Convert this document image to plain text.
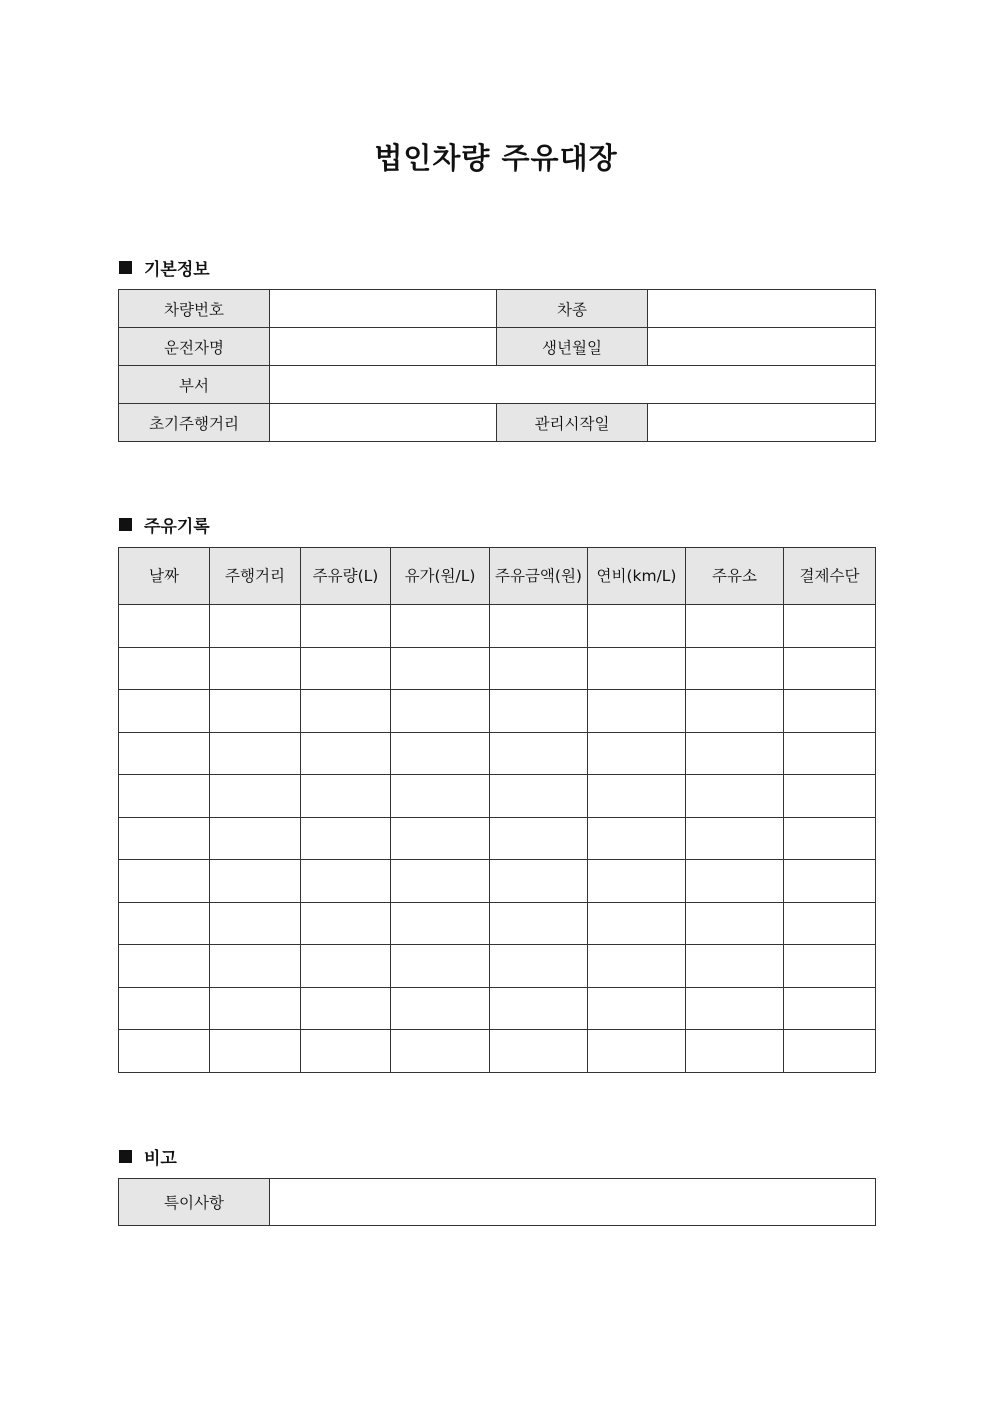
법인차량 주유대장
기본정보
차량번호		차종	
운전자명		생년월일	
부서			
초기주행거리		관리시작일	
주유기록
날짜	주행거리	주유량(L)	유가(원/L)	주유금액(원)	연비(km/L)	주유소	결제수단

비고
특이사항	
